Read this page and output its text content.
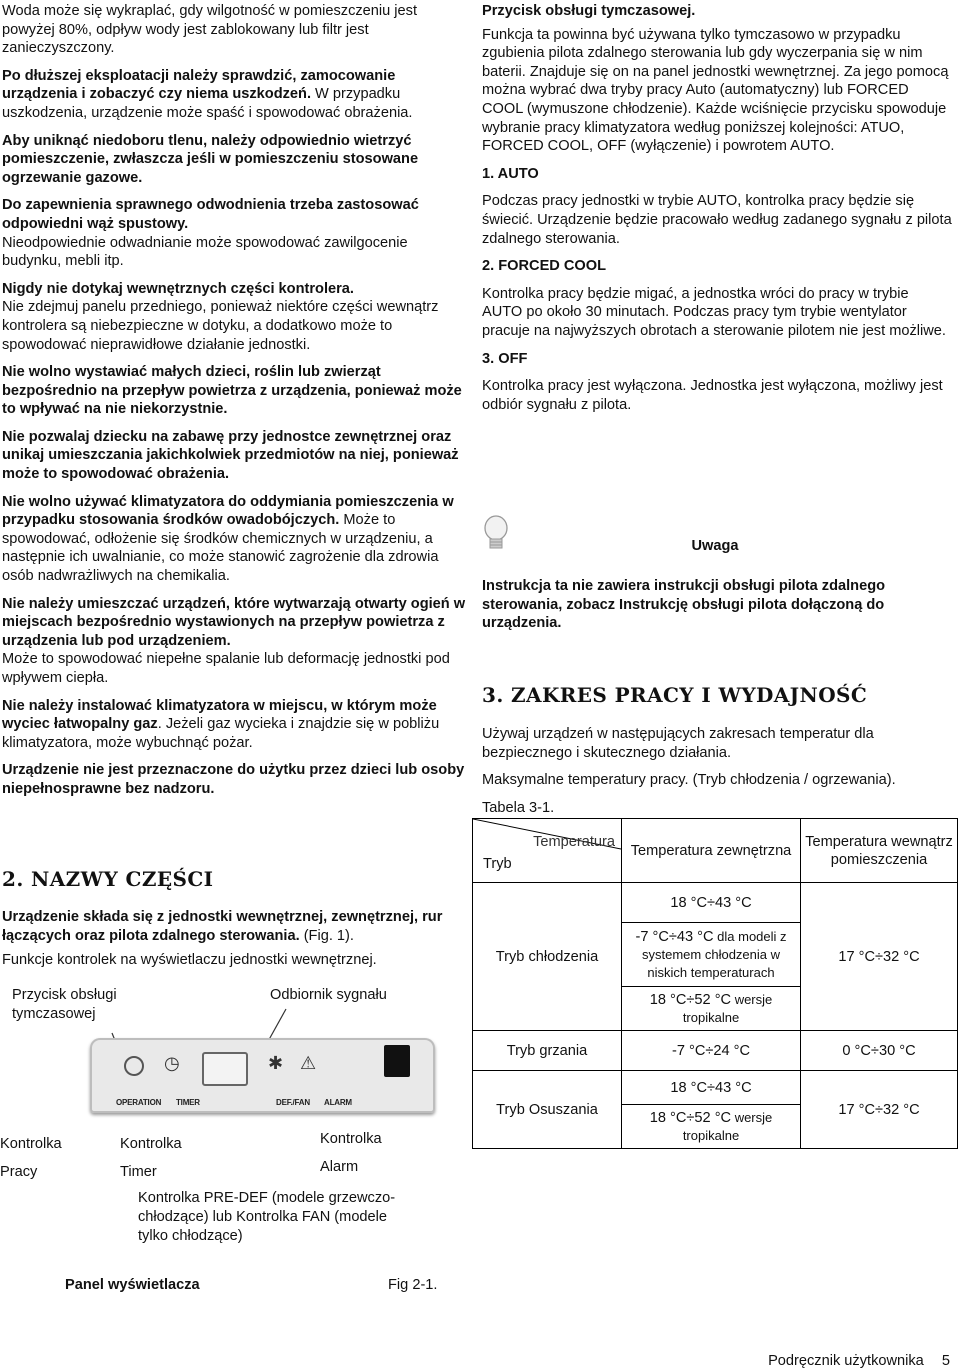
Woda może się wykraplać, gdy wilgotność w pomieszczeniu jest powyżej 80%, odpływ wody jest zablokowany lub filtr jest zanieczyszczony.

Po dłuższej eksploatacji należy sprawdzić, zamocowanie urządzenia i zobaczyć czy niema uszkodzeń. W przypadku uszkodzenia, urządzenie może spaść i spowodować obrażenia.

Aby uniknąć niedoboru tlenu, należy odpowiednio wietrzyć pomieszczenie, zwłaszcza jeśli w pomieszczeniu stosowane ogrzewanie gazowe.

Do zapewnienia sprawnego odwodnienia trzeba zastosować odpowiedni wąż spustowy.
Nieodpowiednie odwadnianie może spowodować zawilgocenie budynku, mebli itp.

Nigdy nie dotykaj wewnętrznych części kontrolera.
Nie zdejmuj panelu przedniego, ponieważ niektóre części wewnątrz kontrolera są niebezpieczne w dotyku, a dodatkowo może to spowodować nieprawidłowe działanie jednostki.

Nie wolno wystawiać małych dzieci, roślin lub zwierząt bezpośrednio na przepływ powietrza z urządzenia, ponieważ może to wpływać na nie niekorzystnie.

Nie pozwalaj dziecku na zabawę przy jednostce zewnętrznej oraz unikaj umieszczania jakichkolwiek przedmiotów na niej, ponieważ może to spowodować obrażenia.

Nie wolno używać klimatyzatora do oddymiania pomieszczenia w przypadku stosowania środków owadobójczych. Może to spowodować, odłożenie się środków chemicznych w urządzeniu, a następnie ich uwalnianie, co może stanowić zagrożenie dla zdrowia osób nadwrażliwych na chemikalia.

Nie należy umieszczać urządzeń, które wytwarzają otwarty ogień w miejscach bezpośrednio wystawionych na przepływ powietrza z urządzenia lub pod urządzeniem.
Może to spowodować niepełne spalanie lub deformację jednostki pod wpływem ciepła.

Nie należy instalować klimatyzatora w miejscu, w którym może wyciec łatwopalny gaz. Jeżeli gaz wycieka i znajdzie się w pobliżu klimatyzatora, może wybuchnąć pożar.

Urządzenie nie jest przeznaczone do użytku przez dzieci lub osoby niepełnosprawne bez nadzoru.

2. NAZWY CZĘŚCI

Urządzenie składa się z jednostki wewnętrznej, zewnętrznej, rur łączących oraz pilota zdalnego sterowania. (Fig. 1).

Funkcje kontrolek na wyświetlaczu jednostki wewnętrznej.

Przycisk obsługi tymczasowej
Odbiornik sygnału
◷	✱ ⚠
OPERATION TIMER	DEF./FAN ALARM
Kontrolka
Pracy
Kontrolka
Timer
Kontrolka
Alarm
Kontrolka PRE-DEF (modele grzewczo-chłodzące) lub Kontrolka FAN (modele tylko chłodzące)
Panel wyświetlacza	Fig 2-1.

Przycisk obsługi tymczasowej.

Funkcja ta powinna być używana tylko tymczasowo w przypadku zgubienia pilota zdalnego sterowania lub gdy wyczerpania się w nim baterii. Znajduje się on na panel jednostki wewnętrznej. Za jego pomocą można wybrać dwa tryby pracy Auto (automatyczny) lub FORCED COOL (wymuszone chłodzenie). Każde wciśnięcie przycisku spowoduje wybranie pracy klimatyzatora według poniższej kolejności: ATUO, FORCED COOL, OFF (wyłączenie) i powrotem AUTO.

1. AUTO

Podczas pracy jednostki w trybie AUTO, kontrolka pracy będzie się świecić. Urządzenie będzie pracowało według zadanego sygnału z pilota zdalnego sterowania.

2. FORCED COOL

Kontrolka pracy będzie migać, a jednostka wróci do pracy w trybie AUTO po około 30 minutach. Podczas pracy tym trybie wentylator pracuje na najwyższych obrotach a sterowanie pilotem nie jest możliwe.

3. OFF

Kontrolka pracy jest wyłączona. Jednostka jest wyłączona, możliwy jest odbiór sygnału z pilota.

Uwaga
Instrukcja ta nie zawiera instrukcji obsługi pilota zdalnego sterowania, zobacz Instrukcję obsługi pilota dołączoną do urządzenia.
3. ZAKRES PRACY I WYDAJNOŚĆ

Używaj urządzeń w następujących zakresach temperatur dla bezpiecznego i skutecznego działania.

Maksymalne temperatury pracy. (Tryb chłodzenia / ogrzewania).

Tabela 3-1.

Temperatura
Tryb	Temperatura zewnętrzna	Temperatura wewnątrz pomieszczenia
Tryb chłodzenia	18 °C÷43 °C	17 °C÷32 °C
	-7 °C÷43 °C dla modeli z systemem chłodzenia w niskich temperaturach	
	18 °C÷52 °C wersje tropikalne	
Tryb grzania	-7 °C÷24 °C	0 °C÷30 °C
Tryb Osuszania	18 °C÷43 °C	17 °C÷32 °C
	18 °C÷52 °C wersje tropikalne	
Podręcznik użytkownika 5
